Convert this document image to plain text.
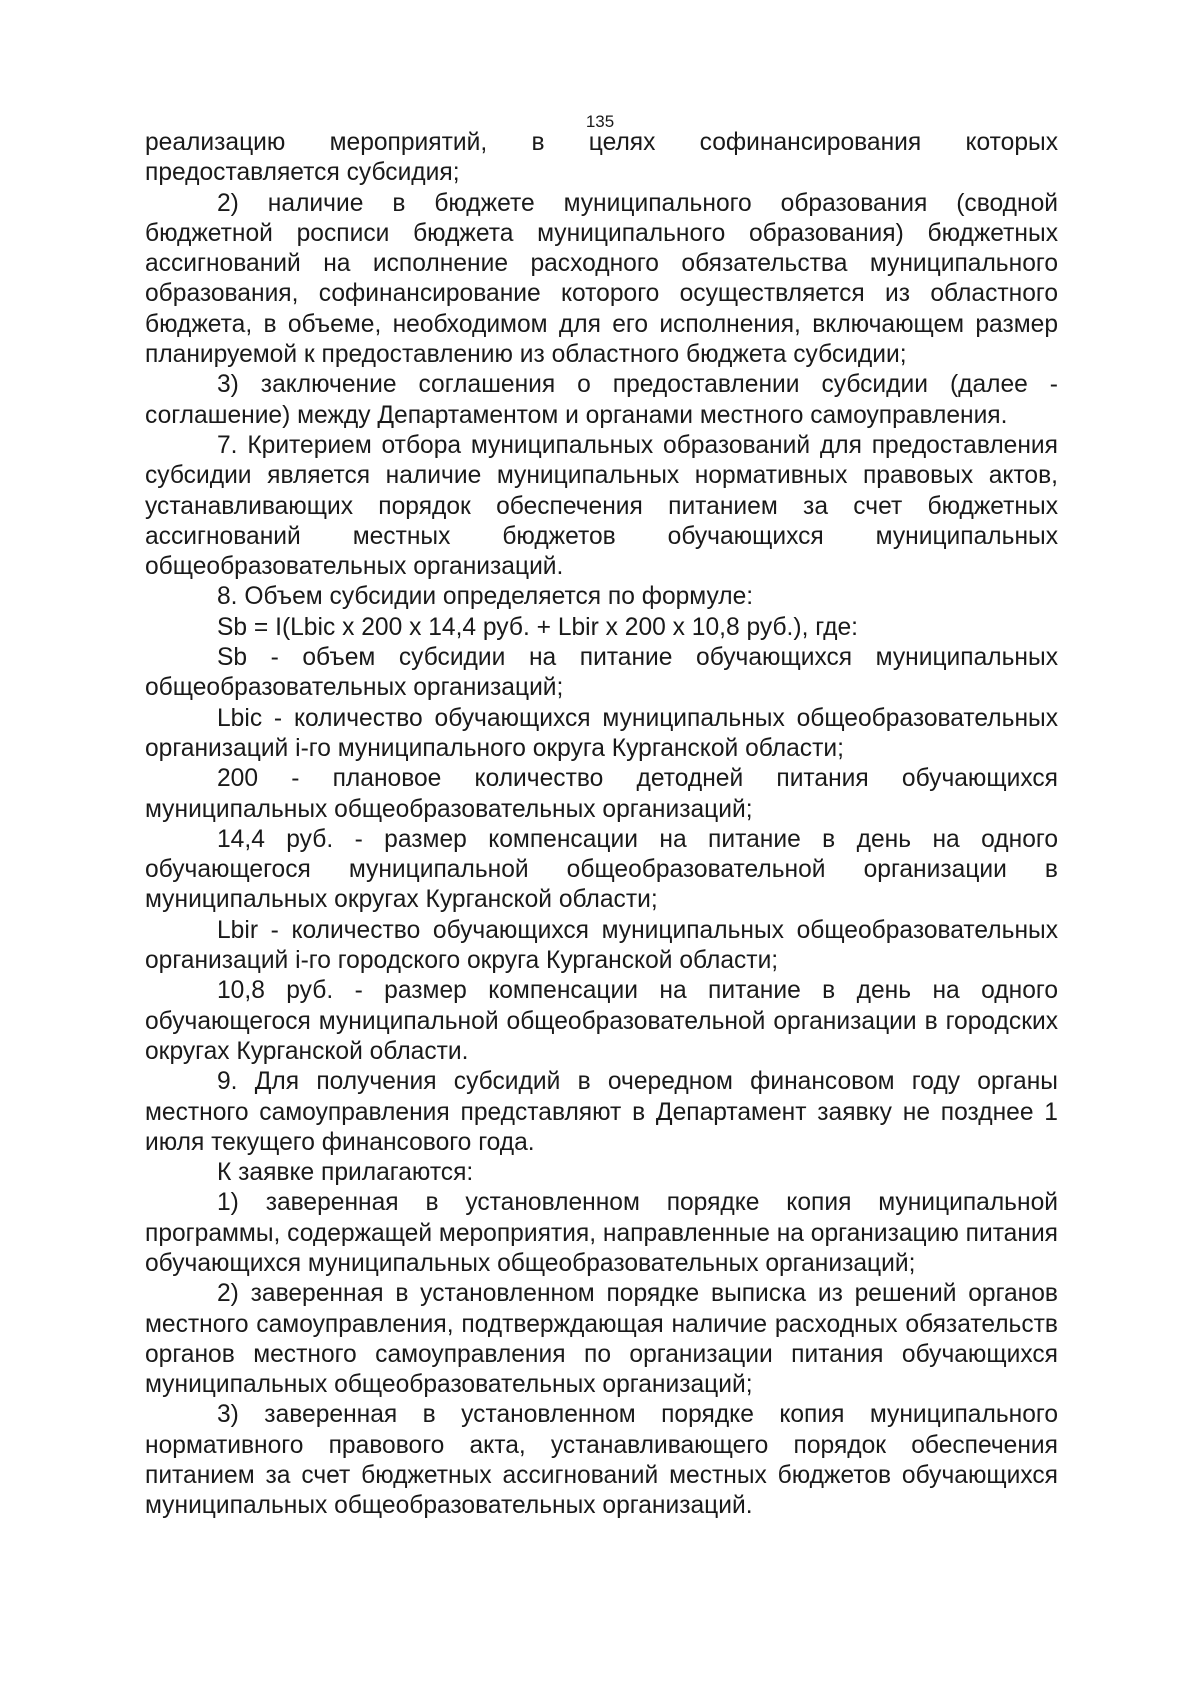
135

реализацию мероприятий, в целях софинансирования которых предоставляется субсидия;

2) наличие в бюджете муниципального образования (сводной бюджетной росписи бюджета муниципального образования) бюджетных ассигнований на исполнение расходного обязательства муниципального образования, софинансирование которого осуществляется из областного бюджета, в объеме, необходимом для его исполнения, включающем размер планируемой к предоставлению из областного бюджета субсидии;

3) заключение соглашения о предоставлении субсидии (далее - соглашение) между Департаментом и органами местного самоуправления.

7. Критерием отбора муниципальных образований для предоставления субсидии является наличие муниципальных нормативных правовых актов, устанавливающих порядок обеспечения питанием за счет бюджетных ассигнований местных бюджетов обучающихся муниципальных общеобразовательных организаций.

8. Объем субсидии определяется по формуле:

Sb = I(Lbic x 200 x 14,4 руб. + Lbir x 200 x 10,8 руб.), где:

Sb - объем субсидии на питание обучающихся муниципальных общеобразовательных организаций;

Lbic - количество обучающихся муниципальных общеобразовательных организаций i-го муниципального округа Курганской области;

200 - плановое количество детодней питания обучающихся муниципальных общеобразовательных организаций;

14,4 руб. - размер компенсации на питание в день на одного обучающегося муниципальной общеобразовательной организации в муниципальных округах Курганской области;

Lbir - количество обучающихся муниципальных общеобразовательных организаций i-го городского округа Курганской области;

10,8 руб. - размер компенсации на питание в день на одного обучающегося муниципальной общеобразовательной организации в городских округах Курганской области.

9. Для получения субсидий в очередном финансовом году органы местного самоуправления представляют в Департамент заявку не позднее 1 июля текущего финансового года.

К заявке прилагаются:

1) заверенная в установленном порядке копия муниципальной программы, содержащей мероприятия, направленные на организацию питания обучающихся муниципальных общеобразовательных организаций;

2) заверенная в установленном порядке выписка из решений органов местного самоуправления, подтверждающая наличие расходных обязательств органов местного самоуправления по организации питания обучающихся муниципальных общеобразовательных организаций;

3) заверенная в установленном порядке копия муниципального нормативного правового акта, устанавливающего порядок обеспечения питанием за счет бюджетных ассигнований местных бюджетов обучающихся муниципальных общеобразовательных организаций.
